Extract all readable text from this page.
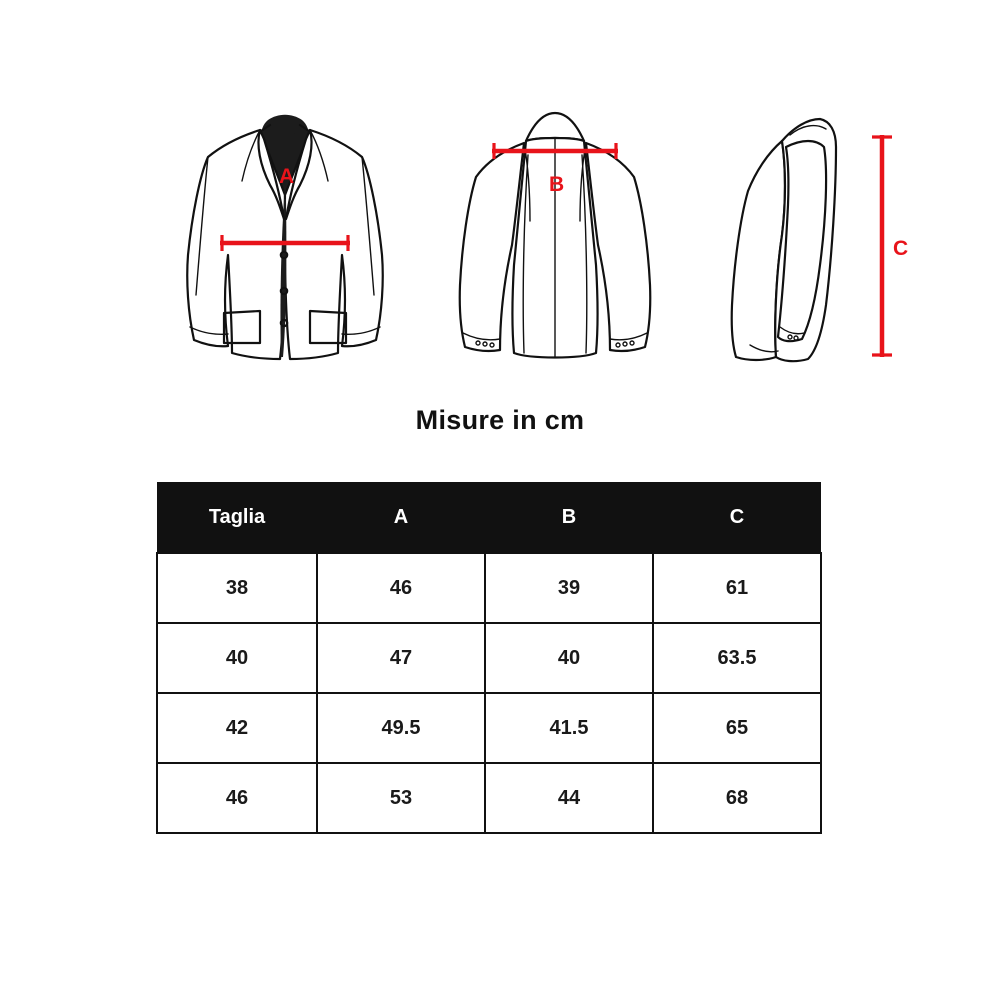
A	B
C
Misure in cm
Taglia	A	B	C
38	46	39	61
40	47	40	63.5
42	49.5	41.5	65
46	53	44	68
